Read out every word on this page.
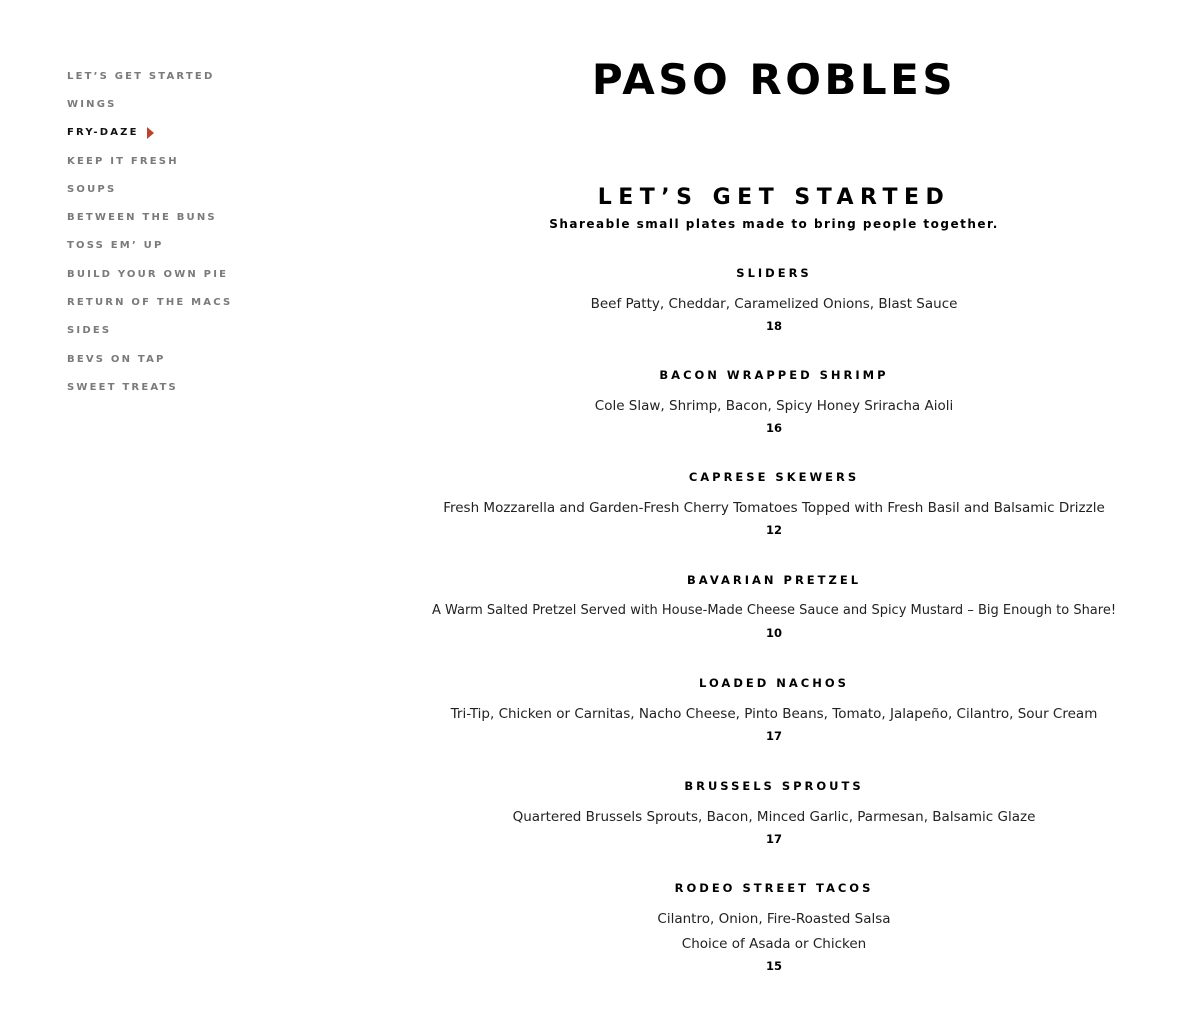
LET’S GET STARTED
WINGS
FRY-DAZE
KEEP IT FRESH
SOUPS
BETWEEN THE BUNS
TOSS EM’ UP
BUILD YOUR OWN PIE
RETURN OF THE MACS
SIDES
BEVS ON TAP
SWEET TREATS
PASO ROBLES
LET’S GET STARTED

Shareable small plates made to bring people together.

SLIDERS
Beef Patty, Cheddar, Caramelized Onions, Blast Sauce
18
BACON WRAPPED SHRIMP
Cole Slaw, Shrimp, Bacon, Spicy Honey Sriracha Aioli
16
CAPRESE SKEWERS
Fresh Mozzarella and Garden-Fresh Cherry Tomatoes Topped with Fresh Basil and Balsamic Drizzle
12
BAVARIAN PRETZEL
A Warm Salted Pretzel Served with House-Made Cheese Sauce and Spicy Mustard – Big Enough to Share!
10
LOADED NACHOS
Tri-Tip, Chicken or Carnitas, Nacho Cheese, Pinto Beans, Tomato, Jalapeño, Cilantro, Sour Cream
17
BRUSSELS SPROUTS
Quartered Brussels Sprouts, Bacon, Minced Garlic, Parmesan, Balsamic Glaze
17
RODEO STREET TACOS
Cilantro, Onion, Fire-Roasted Salsa
Choice of Asada or Chicken
15
